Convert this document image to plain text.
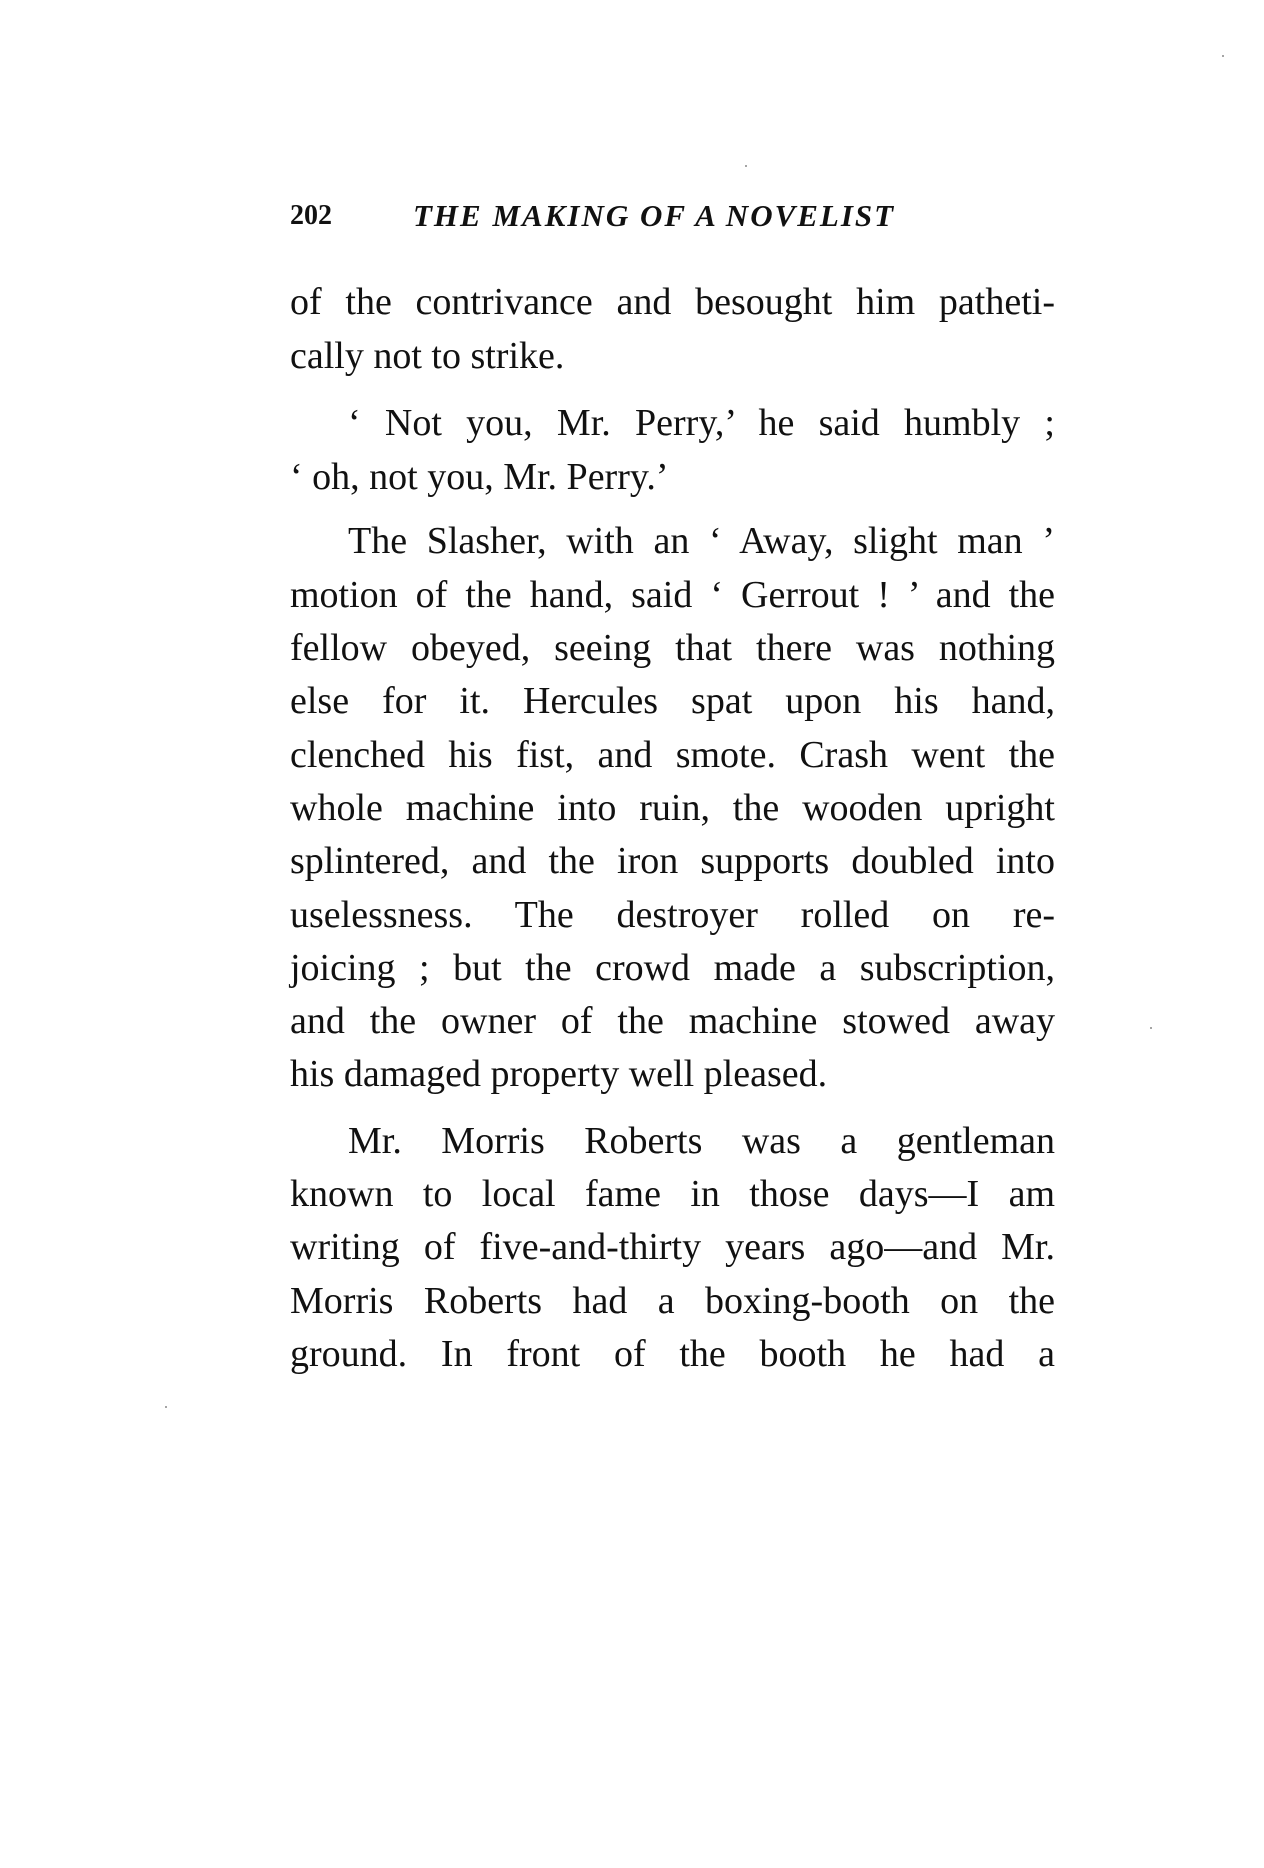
202	THE MAKING OF A NOVELIST
of the contrivance and besought him patheti-
cally not to strike.
‘ Not you, Mr. Perry,’ he said humbly ;
‘ oh, not you, Mr. Perry.’
The Slasher, with an ‘ Away, slight man ’
motion of the hand, said ‘ Gerrout ! ’ and the
fellow obeyed, seeing that there was nothing
else for it. Hercules spat upon his hand,
clenched his fist, and smote. Crash went the
whole machine into ruin, the wooden upright
splintered, and the iron supports doubled into
uselessness. The destroyer rolled on re-
joicing ; but the crowd made a subscription,
and the owner of the machine stowed away
his damaged property well pleased.
Mr. Morris Roberts was a gentleman
known to local fame in those days—I am
writing of five-and-thirty years ago—and Mr.
Morris Roberts had a boxing-booth on the
ground. In front of the booth he had a
